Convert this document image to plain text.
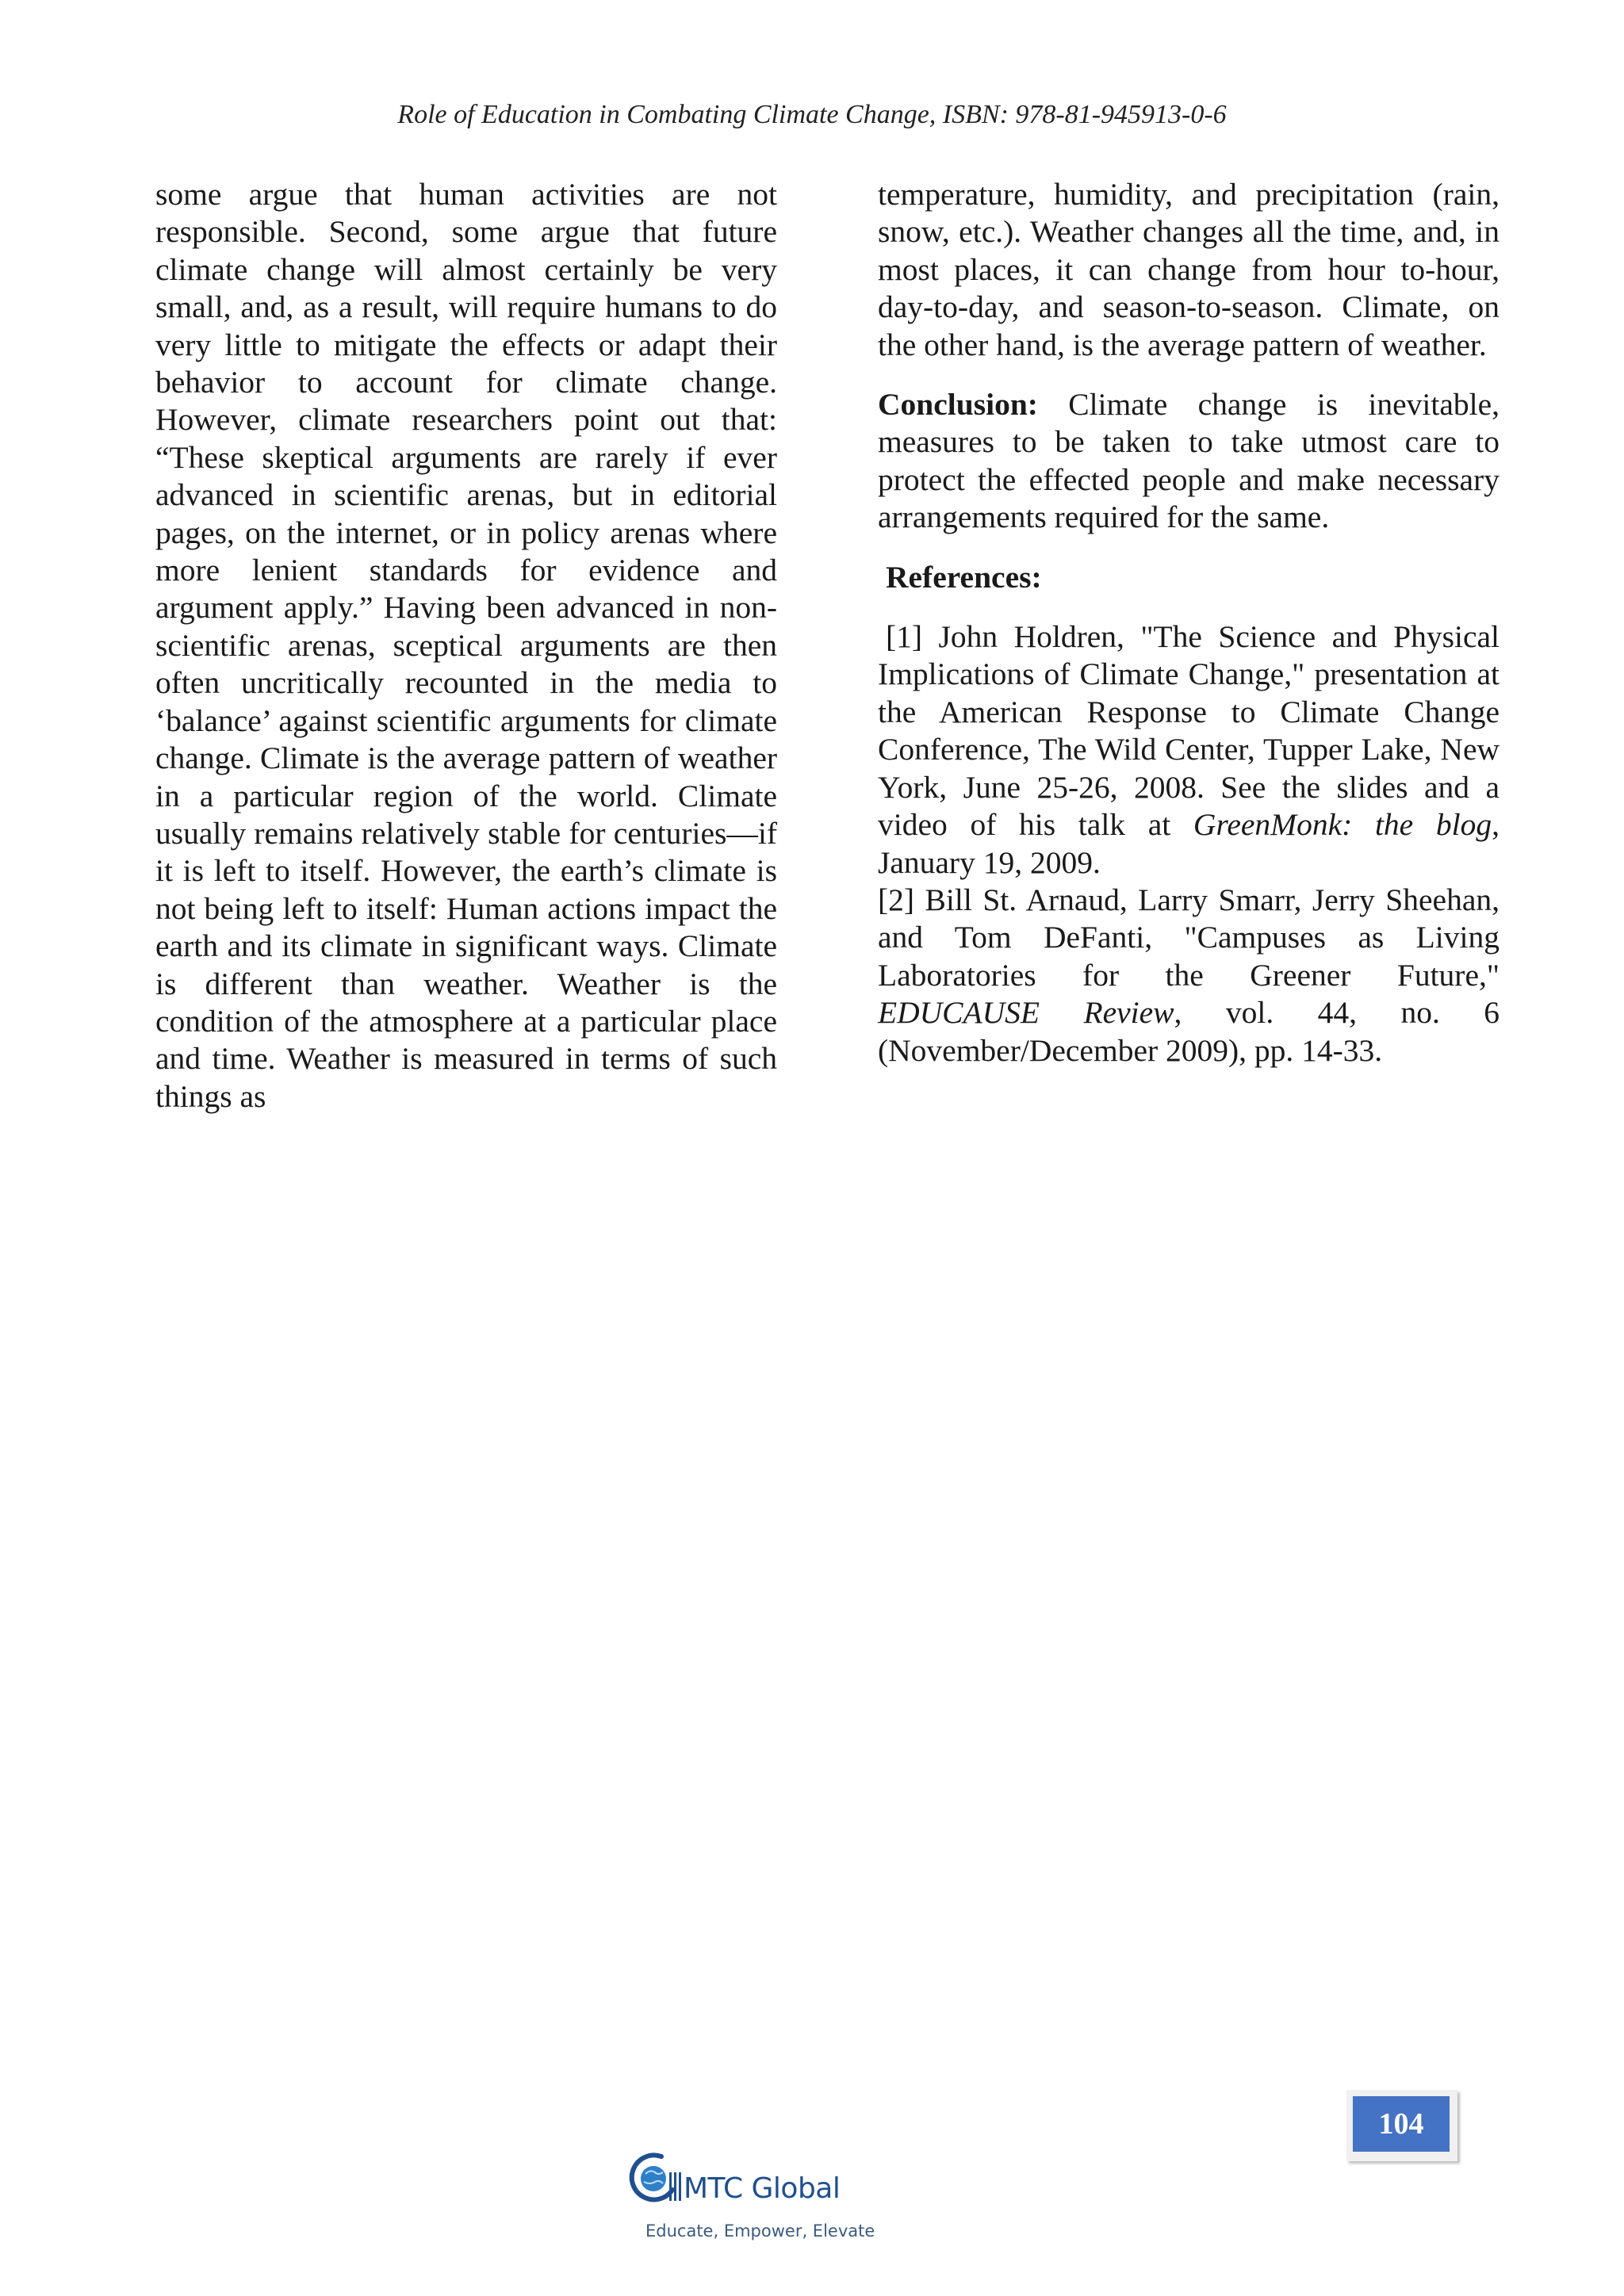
Role of Education in Combating Climate Change, ISBN: 978-81-945913-0-6

some argue that human activities are not responsible. Second, some argue that future climate change will almost certainly be very small, and, as a result, will require humans to do very little to mitigate the effects or adapt their behavior to account for climate change. However, climate researchers point out that: “These skeptical arguments are rarely if ever advanced in scientific arenas, but in editorial pages, on the internet, or in policy arenas where more lenient standards for evidence and argument apply.” Having been advanced in non-scientific arenas, sceptical arguments are then often uncritically recounted in the media to ‘balance’ against scientific arguments for climate change. Climate is the average pattern of weather in a particular region of the world. Climate usually remains relatively stable for centuries—if it is left to itself. However, the earth’s climate is not being left to itself: Human actions impact the earth and its climate in significant ways. Climate is different than weather. Weather is the condition of the atmosphere at a particular place and time. Weather is measured in terms of such things as

temperature, humidity, and precipitation (rain, snow, etc.). Weather changes all the time, and, in most places, it can change from hour to-hour, day-to-day, and season-to-season. Climate, on the other hand, is the average pattern of weather.

Conclusion: Climate change is inevitable, measures to be taken to take utmost care to protect the effected people and make necessary arrangements required for the same.

References:

[1] John Holdren, "The Science and Physical Implications of Climate Change," presentation at the American Response to Climate Change Conference, The Wild Center, Tupper Lake, New York, June 25-26, 2008. See the slides and a video of his talk at GreenMonk: the blog, January 19, 2009.

[2] Bill St. Arnaud, Larry Smarr, Jerry Sheehan, and Tom DeFanti, "Campuses as Living Laboratories for the Greener Future," EDUCAUSE Review, vol. 44, no. 6 (November/December 2009), pp. 14-33.

104
MTC Global
Educate, Empower, Elevate
